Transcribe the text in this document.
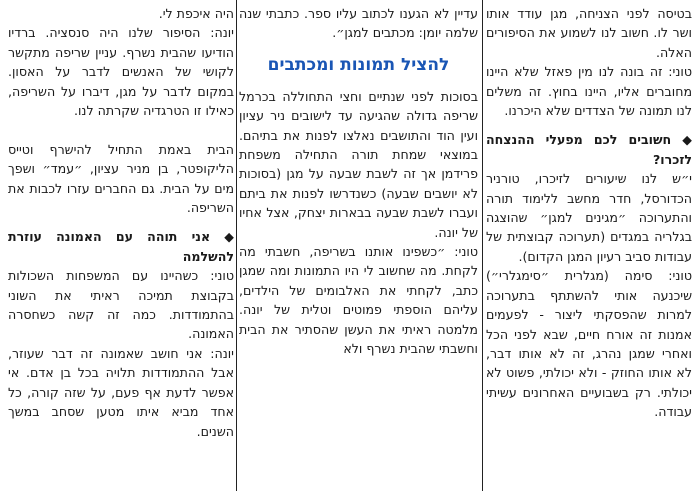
בטיסה לפני הצניחה, מגן עודד אותו ושר לו. חשוב לנו לשמוע את הסיפורים האלה.

טוני: זה בונה לנו מין פאזל שלא היינו מחוברים אליו, היינו בחוץ. זה משלים לנו תמונה של הצדדים שלא היכרנו.

◆ חשובים לכם מפעלי ההנצחה לזכרו?

י״ש לנו שיעורים לזיכרו, טורניר הכדורסל, חדר מחשב ללימוד תורה והתערוכה ״מגינים למגן״ שהוצגה בגלריה במגדים (תערוכה קבוצתית של עבודות סביב רעיון המגן הקדום).

טוני: סימה (מגלרית ״סימגלרי״) שיכנעה אותי להשתתף בתערוכה למרות שהפסקתי ליצור - לפעמים אמנות זה אורח חיים, שבא לפני הכל ואחרי שמגן נהרג, זה לא אותו דבר, לא אותו החוזק - ולא יכולתי, פשוט לא יכולתי. רק בשבועיים האחרונים עשיתי עבודה.

עדיין לא הגענו לכתוב עליו ספר. כתבתי שנה שלמה יומן: מכתבים למגן״.

להציל תמונות ומכתבים

בסוכות לפני שנתיים וחצי התחוללה בכרמל שריפה גדולה שהגיעה עד לישובים ניר עציון ועין הוד והתושבים נאלצו לפנות את בתיהם. במוצאי שמחת תורה התחילה משפחת פרידמן אך זה לשבת שבעה על מגן (בסוכות לא יושבים שבעה) כשנדרשו לפנות את ביתם ועברו לשבת שבעה בבארות יצחק, אצל אחיו של יונה.

טוני: ״כשפינו אותנו בשריפה, חשבתי מה לקחת. מה שחשוב לי היו התמונות ומה שמגן כתב, לקחתי את האלבומים של הילדים, עליהם הוספתי פמוטים וטלית של יונה. מלמטה ראיתי את העשן שהסתיר את הבית וחשבתי שהבית נשרף ולא

היה איכפת לי.

יונה: הסיפור שלנו היה סנסציה. ברדיו הודיעו שהבית נשרף. עניין שריפה מתקשר לקושי של האנשים לדבר על האסון. במקום לדבר על מגן, דיברו על השריפה, כאילו זו הטרגדיה שקרתה לנו.

הבית באמת התחיל להישרף וטייס הליקופטר, בן מניר עציון, ״עמד״ ושפך מים על הבית. גם החברים עזרו לכבות את השריפה.

◆ אני תוהה עם האמונה עוזרת להשלמה

טוני: כשהיינו עם המשפחות השכולות בקבוצת תמיכה ראיתי את השוני בהתמודדות. כמה זה קשה כשחסרה האמונה.

יונה: אני חושב שאמונה זה דבר שעוזר, אבל ההתמודדות תלויה בכל בן אדם. אי אפשר לדעת אף פעם, על שזה קורה, כל אחד מביא איתו מטען שסחב במשך השנים.
